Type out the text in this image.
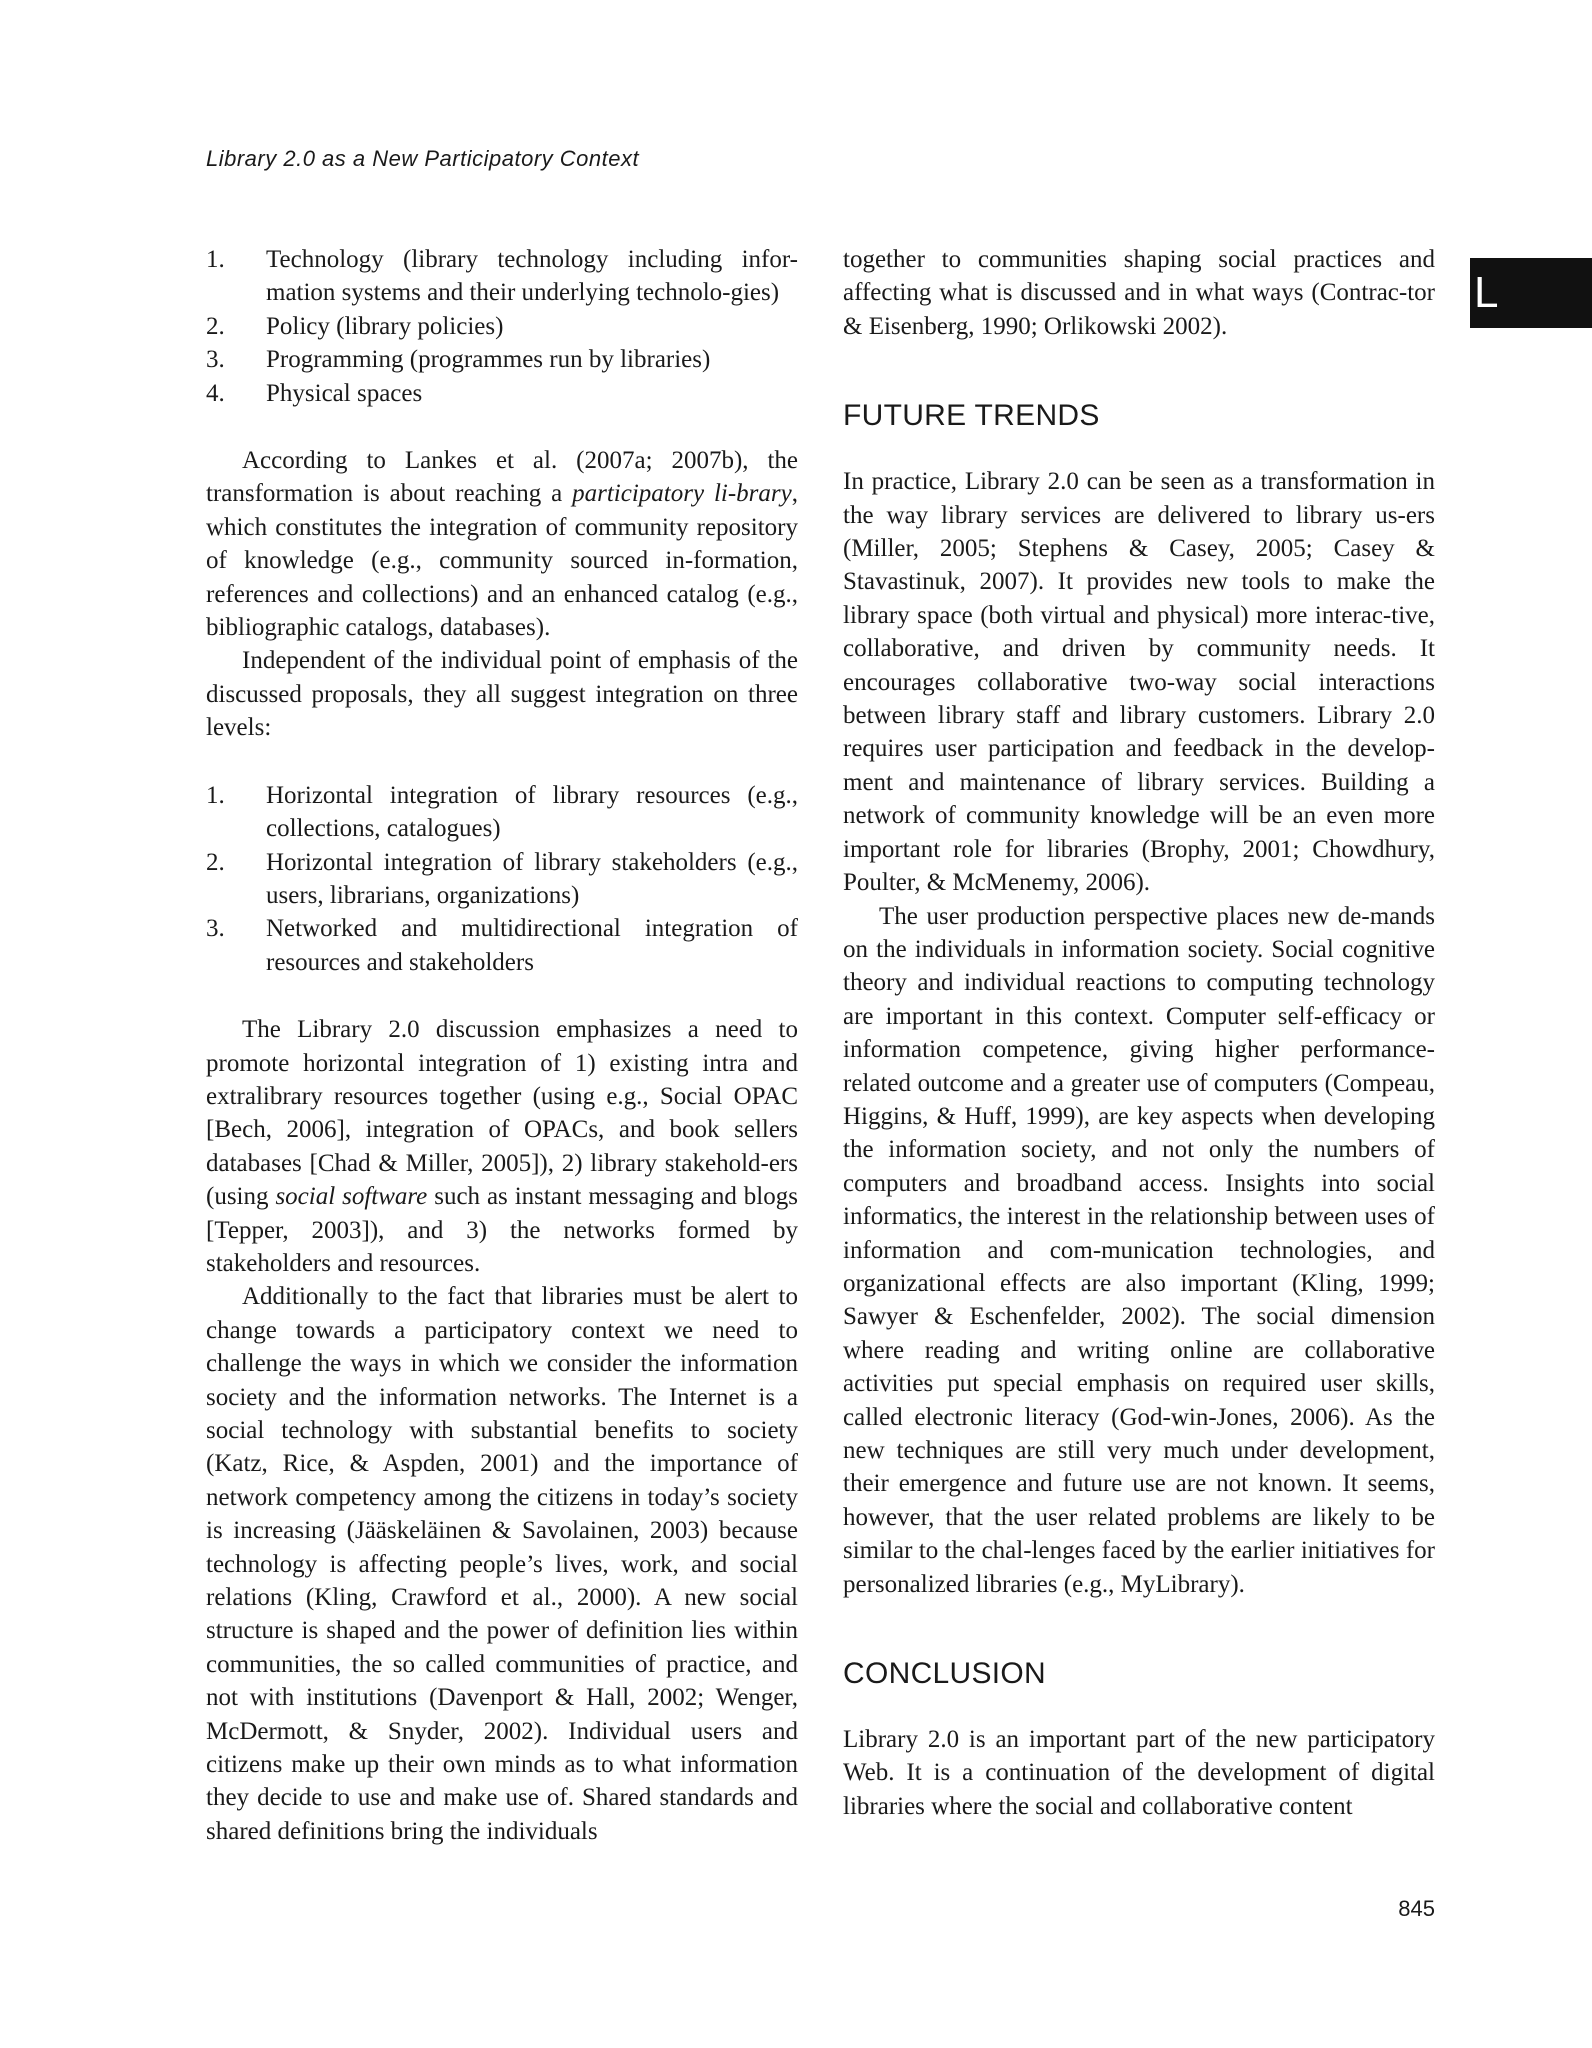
Library 2.0 as a New Participatory Context
L
1. Technology (library technology including infor-mation systems and their underlying technolo-gies)
2. Policy (library policies)
3. Programming (programmes run by libraries)
4. Physical spaces

According to Lankes et al. (2007a; 2007b), the transformation is about reaching a participatory li-brary, which constitutes the integration of community repository of knowledge (e.g., community sourced in-formation, references and collections) and an enhanced catalog (e.g., bibliographic catalogs, databases).

Independent of the individual point of emphasis of the discussed proposals, they all suggest integration on three levels:

1. Horizontal integration of library resources (e.g., collections, catalogues)
2. Horizontal integration of library stakeholders (e.g., users, librarians, organizations)
3. Networked and multidirectional integration of resources and stakeholders

The Library 2.0 discussion emphasizes a need to promote horizontal integration of 1) existing intra and extralibrary resources together (using e.g., Social OPAC [Bech, 2006], integration of OPACs, and book sellers databases [Chad & Miller, 2005]), 2) library stakehold-ers (using social software such as instant messaging and blogs [Tepper, 2003]), and 3) the networks formed by stakeholders and resources.

Additionally to the fact that libraries must be alert to change towards a participatory context we need to challenge the ways in which we consider the information society and the information networks. The Internet is a social technology with substantial benefits to society (Katz, Rice, & Aspden, 2001) and the importance of network competency among the citizens in today’s society is increasing (Jääskeläinen & Savolainen, 2003) because technology is affecting people’s lives, work, and social relations (Kling, Crawford et al., 2000). A new social structure is shaped and the power of definition lies within communities, the so called communities of practice, and not with institutions (Davenport & Hall, 2002; Wenger, McDermott, & Snyder, 2002). Individual users and citizens make up their own minds as to what information they decide to use and make use of. Shared standards and shared definitions bring the individuals

together to communities shaping social practices and affecting what is discussed and in what ways (Contrac-tor & Eisenberg, 1990; Orlikowski 2002).

FUTURE TRENDS

In practice, Library 2.0 can be seen as a transformation in the way library services are delivered to library us-ers (Miller, 2005; Stephens & Casey, 2005; Casey & Stavastinuk, 2007). It provides new tools to make the library space (both virtual and physical) more interac-tive, collaborative, and driven by community needs. It encourages collaborative two-way social interactions between library staff and library customers. Library 2.0 requires user participation and feedback in the develop-ment and maintenance of library services. Building a network of community knowledge will be an even more important role for libraries (Brophy, 2001; Chowdhury, Poulter, & McMenemy, 2006).

The user production perspective places new de-mands on the individuals in information society. Social cognitive theory and individual reactions to computing technology are important in this context. Computer self-efficacy or information competence, giving higher performance-related outcome and a greater use of computers (Compeau, Higgins, & Huff, 1999), are key aspects when developing the information society, and not only the numbers of computers and broadband access. Insights into social informatics, the interest in the relationship between uses of information and com-munication technologies, and organizational effects are also important (Kling, 1999; Sawyer & Eschenfelder, 2002). The social dimension where reading and writing online are collaborative activities put special emphasis on required user skills, called electronic literacy (God-win-Jones, 2006). As the new techniques are still very much under development, their emergence and future use are not known. It seems, however, that the user related problems are likely to be similar to the chal-lenges faced by the earlier initiatives for personalized libraries (e.g., MyLibrary).

CONCLUSION

Library 2.0 is an important part of the new participatory Web. It is a continuation of the development of digital libraries where the social and collaborative content

845
